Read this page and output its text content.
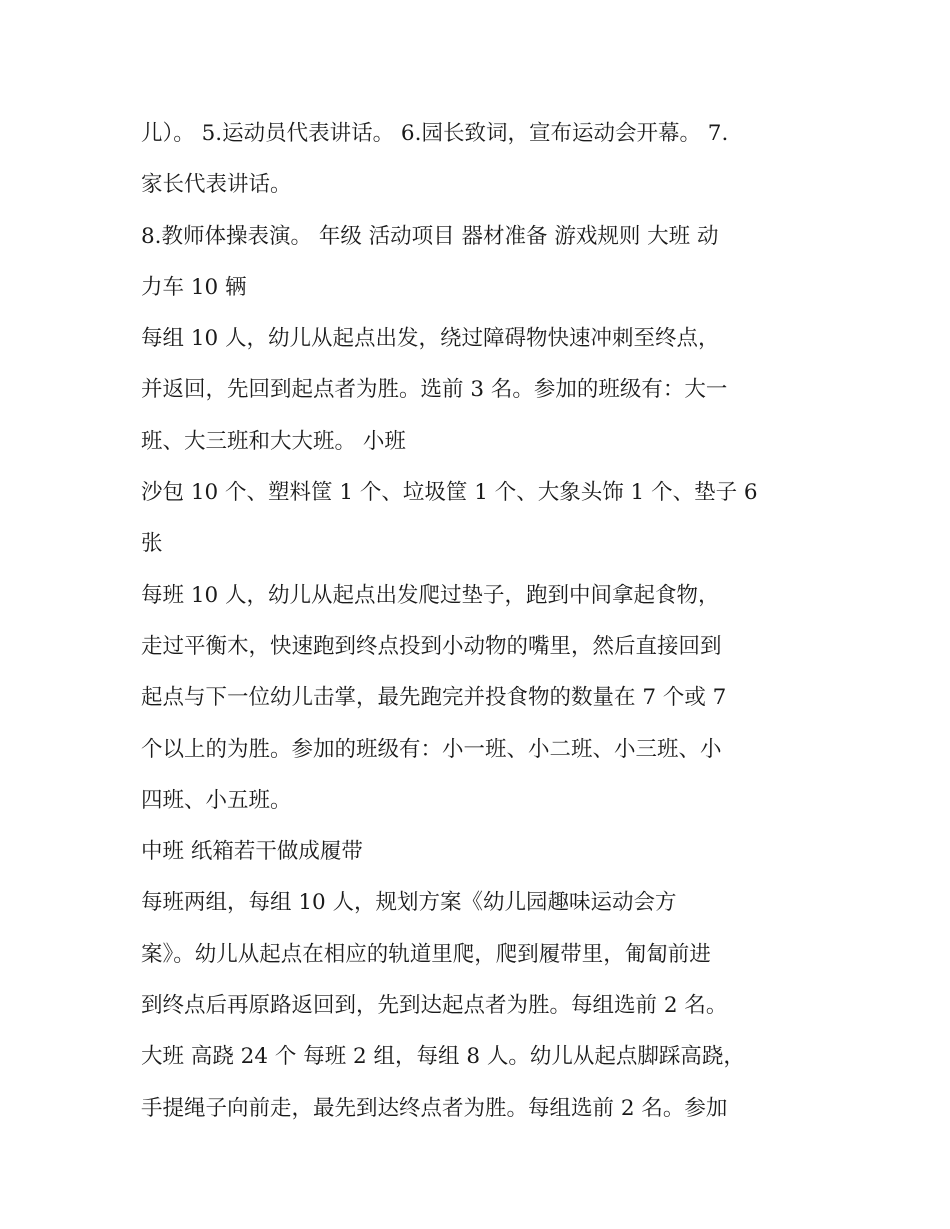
儿）。 5.运动员代表讲话。 6.园长致词，宣布运动会开幕。 7.
家长代表讲话。
8.教师体操表演。 年级 活动项目 器材准备 游戏规则 大班 动
力车 10 辆
每组 10 人，幼儿从起点出发，绕过障碍物快速冲刺至终点，
并返回，先回到起点者为胜。选前 3 名。参加的班级有：大一
班、大三班和大大班。 小班
沙包 10 个、塑料筐 1 个、垃圾筐 1 个、大象头饰 1 个、垫子 6
张
每班 10 人，幼儿从起点出发爬过垫子，跑到中间拿起食物，
走过平衡木，快速跑到终点投到小动物的嘴里，然后直接回到
起点与下一位幼儿击掌，最先跑完并投食物的数量在 7 个或 7
个以上的为胜。参加的班级有：小一班、小二班、小三班、小
四班、小五班。
中班 纸箱若干做成履带
每班两组，每组 10 人，规划方案《幼儿园趣味运动会方
案》。幼儿从起点在相应的轨道里爬，爬到履带里，匍匐前进
到终点后再原路返回到，先到达起点者为胜。每组选前 2 名。
大班 高跷 24 个 每班 2 组，每组 8 人。幼儿从起点脚踩高跷，
手提绳子向前走，最先到达终点者为胜。每组选前 2 名。参加
